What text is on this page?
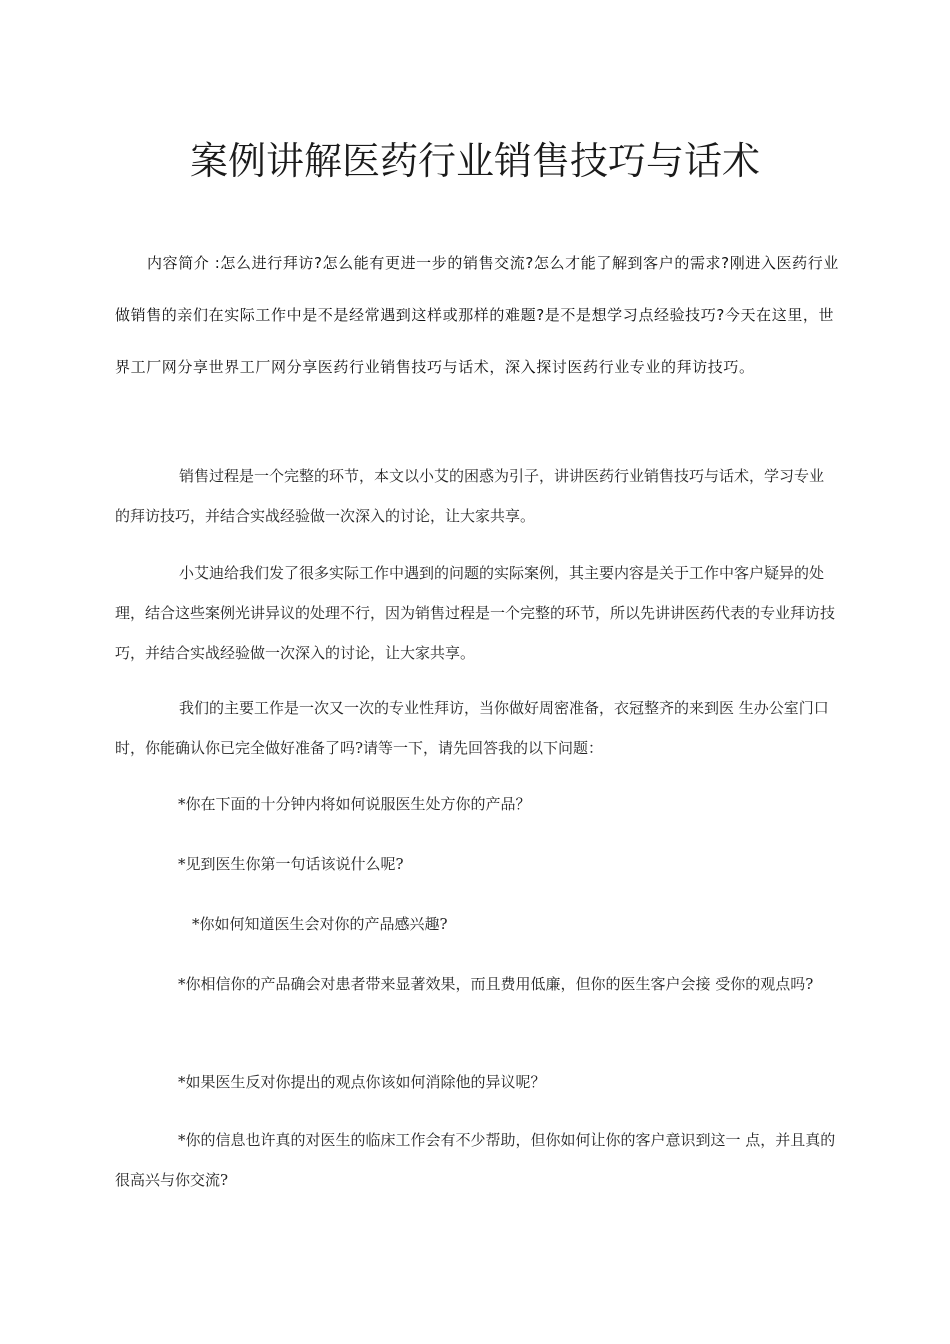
案例讲解医药行业销售技巧与话术

内容简介 :怎么进行拜访?怎么能有更进一步的销售交流?怎么才能了解到客户的需求?刚进入医药行业做销售的亲们在实际工作中是不是经常遇到这样或那样的难题?是不是想学习点经验技巧?今天在这里，世界工厂网分享世界工厂网分享医药行业销售技巧与话术，深入探讨医药行业专业的拜访技巧。

销售过程是一个完整的环节，本文以小艾的困惑为引子，讲讲医药行业销售技巧与话术，学习专业的拜访技巧，并结合实战经验做一次深入的讨论，让大家共享。

小艾迪给我们发了很多实际工作中遇到的问题的实际案例，其主要内容是关于工作中客户疑异的处理，结合这些案例光讲异议的处理不行，因为销售过程是一个完整的环节，所以先讲讲医药代表的专业拜访技巧，并结合实战经验做一次深入的讨论，让大家共享。

我们的主要工作是一次又一次的专业性拜访，当你做好周密准备，衣冠整齐的来到医 生办公室门口时，你能确认你已完全做好准备了吗?请等一下，请先回答我的以下问题：

*你在下面的十分钟内将如何说服医生处方你的产品？

*见到医生你第一句话该说什么呢?

*你如何知道医生会对你的产品感兴趣?

*你相信你的产品确会对患者带来显著效果，而且费用低廉，但你的医生客户会接 受你的观点吗?

*如果医生反对你提出的观点你该如何消除他的异议呢？

*你的信息也许真的对医生的临床工作会有不少帮助，但你如何让你的客户意识到这一 点，并且真的很高兴与你交流?
